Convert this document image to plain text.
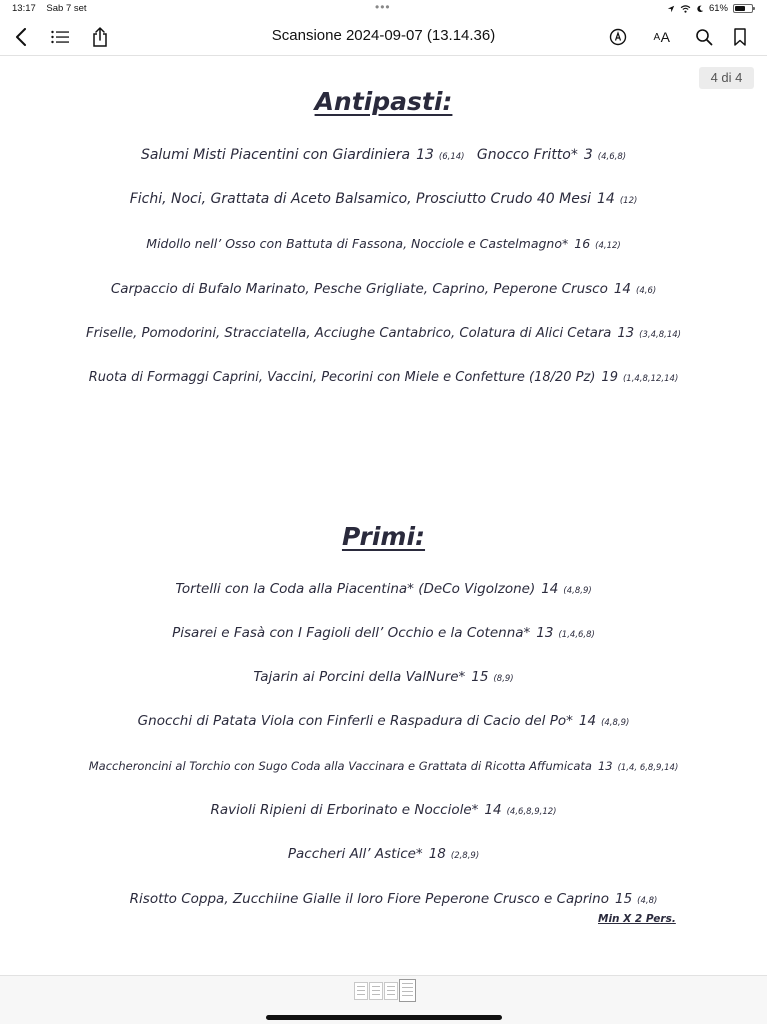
13:17 Sab 7 set	•••	61%
Scansione 2024-09-07 (13.14.36)	A A
4 di 4
Antipasti:
Salumi Misti Piacentini con Giardiniera 13 (6,14) Gnocco Fritto* 3 (4,6,8)
Fichi, Noci, Grattata di Aceto Balsamico, Prosciutto Crudo 40 Mesi 14 (12)
Midollo nell’ Osso con Battuta di Fassona, Nocciole e Castelmagno* 16 (4,12)
Carpaccio di Bufalo Marinato, Pesche Grigliate, Caprino, Peperone Crusco 14 (4,6)
Friselle, Pomodorini, Stracciatella, Acciughe Cantabrico, Colatura di Alici Cetara 13 (3,4,8,14)
Ruota di Formaggi Caprini, Vaccini, Pecorini con Miele e Confetture (18/20 Pz) 19 (1,4,8,12,14)
Primi:
Tortelli con la Coda alla Piacentina* (DeCo Vigolzone) 14 (4,8,9)
Pisarei e Fasà con I Fagioli dell’ Occhio e la Cotenna* 13 (1,4,6,8)
Tajarin ai Porcini della ValNure* 15 (8,9)
Gnocchi di Patata Viola con Finferli e Raspadura di Cacio del Po* 14 (4,8,9)
Maccheroncini al Torchio con Sugo Coda alla Vaccinara e Grattata di Ricotta Affumicata 13 (1,4, 6,8,9,14)
Ravioli Ripieni di Erborinato e Nocciole* 14 (4,6,8,9,12)
Paccheri All’ Astice* 18 (2,8,9)
Risotto Coppa, Zucchiine Gialle il loro Fiore Peperone Crusco e Caprino 15 (4,8)
Min X 2 Pers.
